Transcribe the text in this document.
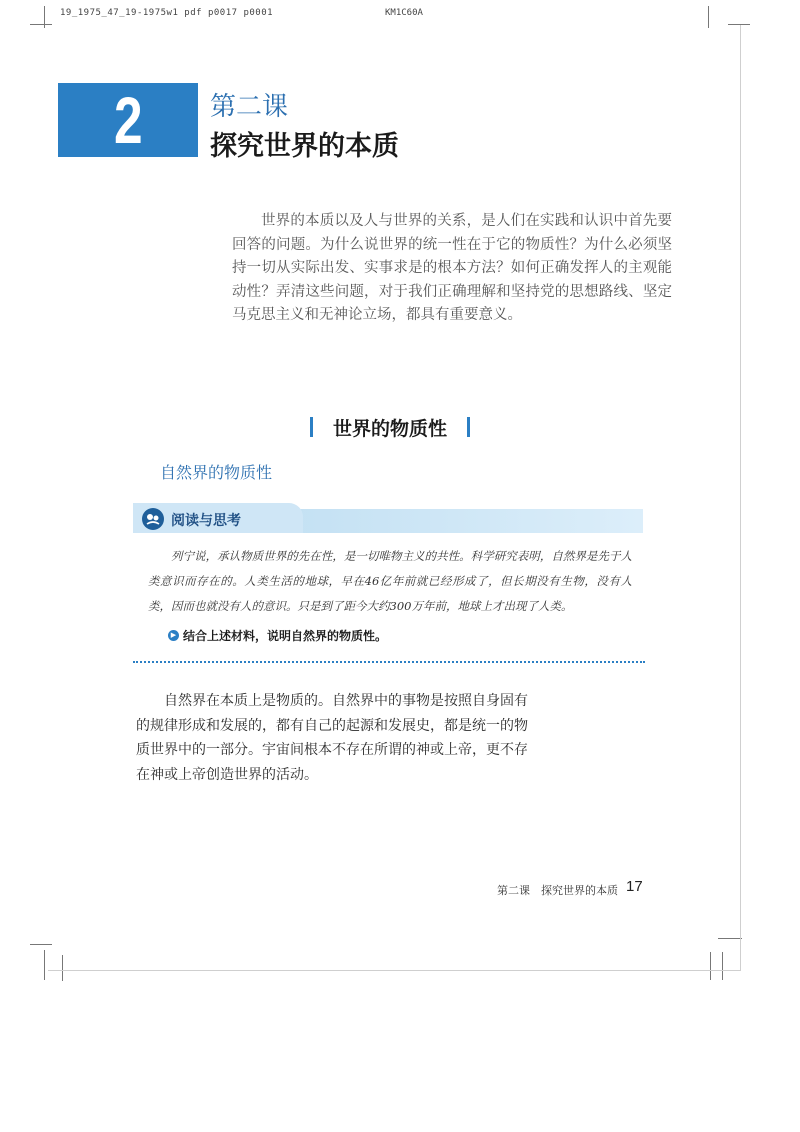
19_1975_47_19-1975w1 pdf p0017 p0001	KM1C60A
2	第二课
探究世界的本质
世界的本质以及人与世界的关系，是人们在实践和认识中首先要回答的问题。为什么说世界的统一性在于它的物质性？为什么必须坚持一切从实际出发、实事求是的根本方法？如何正确发挥人的主观能动性？弄清这些问题，对于我们正确理解和坚持党的思想路线、坚定马克思主义和无神论立场，都具有重要意义。
世界的物质性
自然界的物质性
阅读与思考
列宁说，承认物质世界的先在性，是一切唯物主义的共性。科学研究表明，自然界是先于人类意识而存在的。人类生活的地球，早在46亿年前就已经形成了，但长期没有生物，没有人类，因而也就没有人的意识。只是到了距今大约300万年前，地球上才出现了人类。
▶ 结合上述材料，说明自然界的物质性。
自然界在本质上是物质的。自然界中的事物是按照自身固有的规律形成和发展的，都有自己的起源和发展史，都是统一的物质世界中的一部分。宇宙间根本不存在所谓的神或上帝，更不存在神或上帝创造世界的活动。
第二课　探究世界的本质 17
